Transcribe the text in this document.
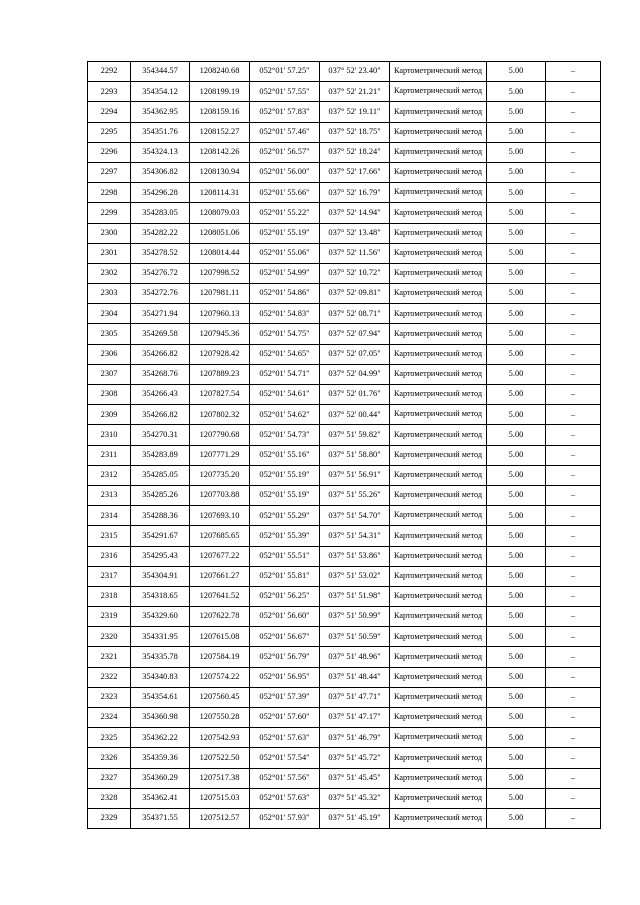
2292	354344.57	1208240.68	052°01' 57.25"	037° 52' 23.40"	Картометрический метод	5.00	–
2293	354354.12	1208199.19	052°01' 57.55"	037° 52' 21.21"	Картометрический метод	5.00	–
2294	354362.95	1208159.16	052°01' 57.83"	037° 52' 19.11"	Картометрический метод	5.00	–
2295	354351.76	1208152.27	052°01' 57.46"	037° 52' 18.75"	Картометрический метод	5.00	–
2296	354324.13	1208142.26	052°01' 56.57"	037° 52' 18.24"	Картометрический метод	5.00	–
2297	354306.82	1208130.94	052°01' 56.00"	037° 52' 17.66"	Картометрический метод	5.00	–
2298	354296.28	1208114.31	052°01' 55.66"	037° 52' 16.79"	Картометрический метод	5.00	–
2299	354283.05	1208079.03	052°01' 55.22"	037° 52' 14.94"	Картометрический метод	5.00	–
2300	354282.22	1208051.06	052°01' 55.19"	037° 52' 13.48"	Картометрический метод	5.00	–
2301	354278.52	1208014.44	052°01' 55.06"	037° 52' 11.56"	Картометрический метод	5.00	–
2302	354276.72	1207998.52	052°01' 54.99"	037° 52' 10.72"	Картометрический метод	5.00	–
2303	354272.76	1207981.11	052°01' 54.86"	037° 52' 09.81"	Картометрический метод	5.00	–
2304	354271.94	1207960.13	052°01' 54.83"	037° 52' 08.71"	Картометрический метод	5.00	–
2305	354269.58	1207945.36	052°01' 54.75"	037° 52' 07.94"	Картометрический метод	5.00	–
2306	354266.82	1207928.42	052°01' 54.65"	037° 52' 07.05"	Картометрический метод	5.00	–
2307	354268.76	1207889.23	052°01' 54.71"	037° 52' 04.99"	Картометрический метод	5.00	–
2308	354266.43	1207827.54	052°01' 54.61"	037° 52' 01.76"	Картометрический метод	5.00	–
2309	354266.82	1207802.32	052°01' 54.62"	037° 52' 00.44"	Картометрический метод	5.00	–
2310	354270.31	1207790.68	052°01' 54.73"	037° 51' 59.82"	Картометрический метод	5.00	–
2311	354283.89	1207771.29	052°01' 55.16"	037° 51' 58.80"	Картометрический метод	5.00	–
2312	354285.05	1207735.20	052°01' 55.19"	037° 51' 56.91"	Картометрический метод	5.00	–
2313	354285.26	1207703.88	052°01' 55.19"	037° 51' 55.26"	Картометрический метод	5.00	–
2314	354288.36	1207693.10	052°01' 55.29"	037° 51' 54.70"	Картометрический метод	5.00	–
2315	354291.67	1207685.65	052°01' 55.39"	037° 51' 54.31"	Картометрический метод	5.00	–
2316	354295.43	1207677.22	052°01' 55.51"	037° 51' 53.86"	Картометрический метод	5.00	–
2317	354304.91	1207661.27	052°01' 55.81"	037° 51' 53.02"	Картометрический метод	5.00	–
2318	354318.65	1207641.52	052°01' 56.25"	037° 51' 51.98"	Картометрический метод	5.00	–
2319	354329.60	1207622.78	052°01' 56.60"	037° 51' 50.99"	Картометрический метод	5.00	–
2320	354331.95	1207615.08	052°01' 56.67"	037° 51' 50.59"	Картометрический метод	5.00	–
2321	354335.78	1207584.19	052°01' 56.79"	037° 51' 48.96"	Картометрический метод	5.00	–
2322	354340.83	1207574.22	052°01' 56.95"	037° 51' 48.44"	Картометрический метод	5.00	–
2323	354354.61	1207560.45	052°01' 57.39"	037° 51' 47.71"	Картометрический метод	5.00	–
2324	354360.98	1207550.28	052°01' 57.60"	037° 51' 47.17"	Картометрический метод	5.00	–
2325	354362.22	1207542.93	052°01' 57.63"	037° 51' 46.79"	Картометрический метод	5.00	–
2326	354359.36	1207522.50	052°01' 57.54"	037° 51' 45.72"	Картометрический метод	5.00	–
2327	354360.29	1207517.38	052°01' 57.56"	037° 51' 45.45"	Картометрический метод	5.00	–
2328	354362.41	1207515.03	052°01' 57.63"	037° 51' 45.32"	Картометрический метод	5.00	–
2329	354371.55	1207512.57	052°01' 57.93"	037° 51' 45.19"	Картометрический метод	5.00	–
